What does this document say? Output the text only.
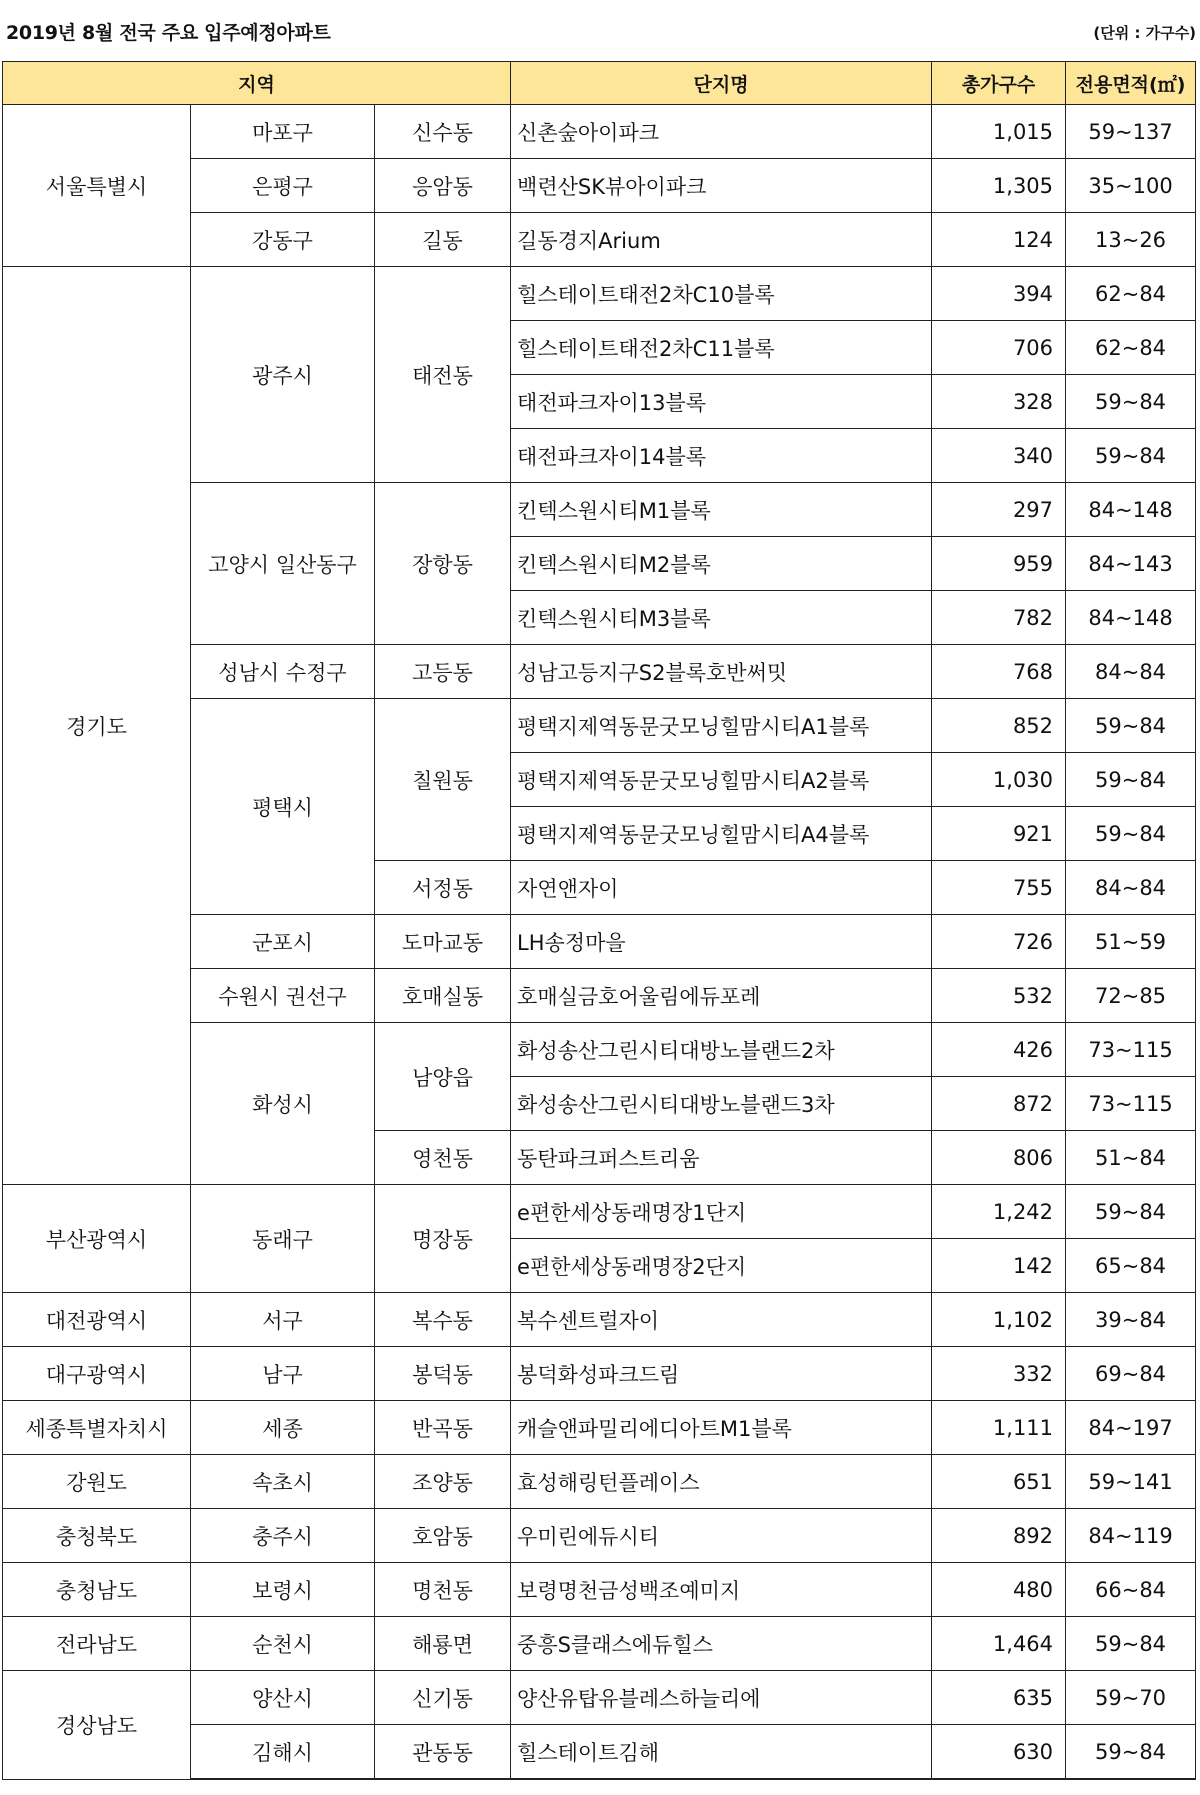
2019년 8월 전국 주요 입주예정아파트	(단위 : 가구수)
지역			단지명	총가구수	전용면적(㎡)
서울특별시	마포구	신수동	신촌숲아이파크	1,015	59~137
	은평구	응암동	백련산SK뷰아이파크	1,305	35~100
	강동구	길동	길동경지Arium	124	13~26
경기도	광주시	태전동	힐스테이트태전2차C10블록	394	62~84
			힐스테이트태전2차C11블록	706	62~84
			태전파크자이13블록	328	59~84
			태전파크자이14블록	340	59~84
	고양시 일산동구	장항동	킨텍스원시티M1블록	297	84~148
			킨텍스원시티M2블록	959	84~143
			킨텍스원시티M3블록	782	84~148
	성남시 수정구	고등동	성남고등지구S2블록호반써밋	768	84~84
	평택시	칠원동	평택지제역동문굿모닝힐맘시티A1블록	852	59~84
			평택지제역동문굿모닝힐맘시티A2블록	1,030	59~84
			평택지제역동문굿모닝힐맘시티A4블록	921	59~84
		서정동	자연앤자이	755	84~84
	군포시	도마교동	LH송정마을	726	51~59
	수원시 권선구	호매실동	호매실금호어울림에듀포레	532	72~85
	화성시	남양읍	화성송산그린시티대방노블랜드2차	426	73~115
			화성송산그린시티대방노블랜드3차	872	73~115
		영천동	동탄파크퍼스트리움	806	51~84
부산광역시	동래구	명장동	e편한세상동래명장1단지	1,242	59~84
			e편한세상동래명장2단지	142	65~84
대전광역시	서구	복수동	복수센트럴자이	1,102	39~84
대구광역시	남구	봉덕동	봉덕화성파크드림	332	69~84
세종특별자치시	세종	반곡동	캐슬앤파밀리에디아트M1블록	1,111	84~197
강원도	속초시	조양동	효성해링턴플레이스	651	59~141
충청북도	충주시	호암동	우미린에듀시티	892	84~119
충청남도	보령시	명천동	보령명천금성백조예미지	480	66~84
전라남도	순천시	해룡면	중흥S클래스에듀힐스	1,464	59~84
경상남도	양산시	신기동	양산유탑유블레스하늘리에	635	59~70
	김해시	관동동	힐스테이트김해	630	59~84
